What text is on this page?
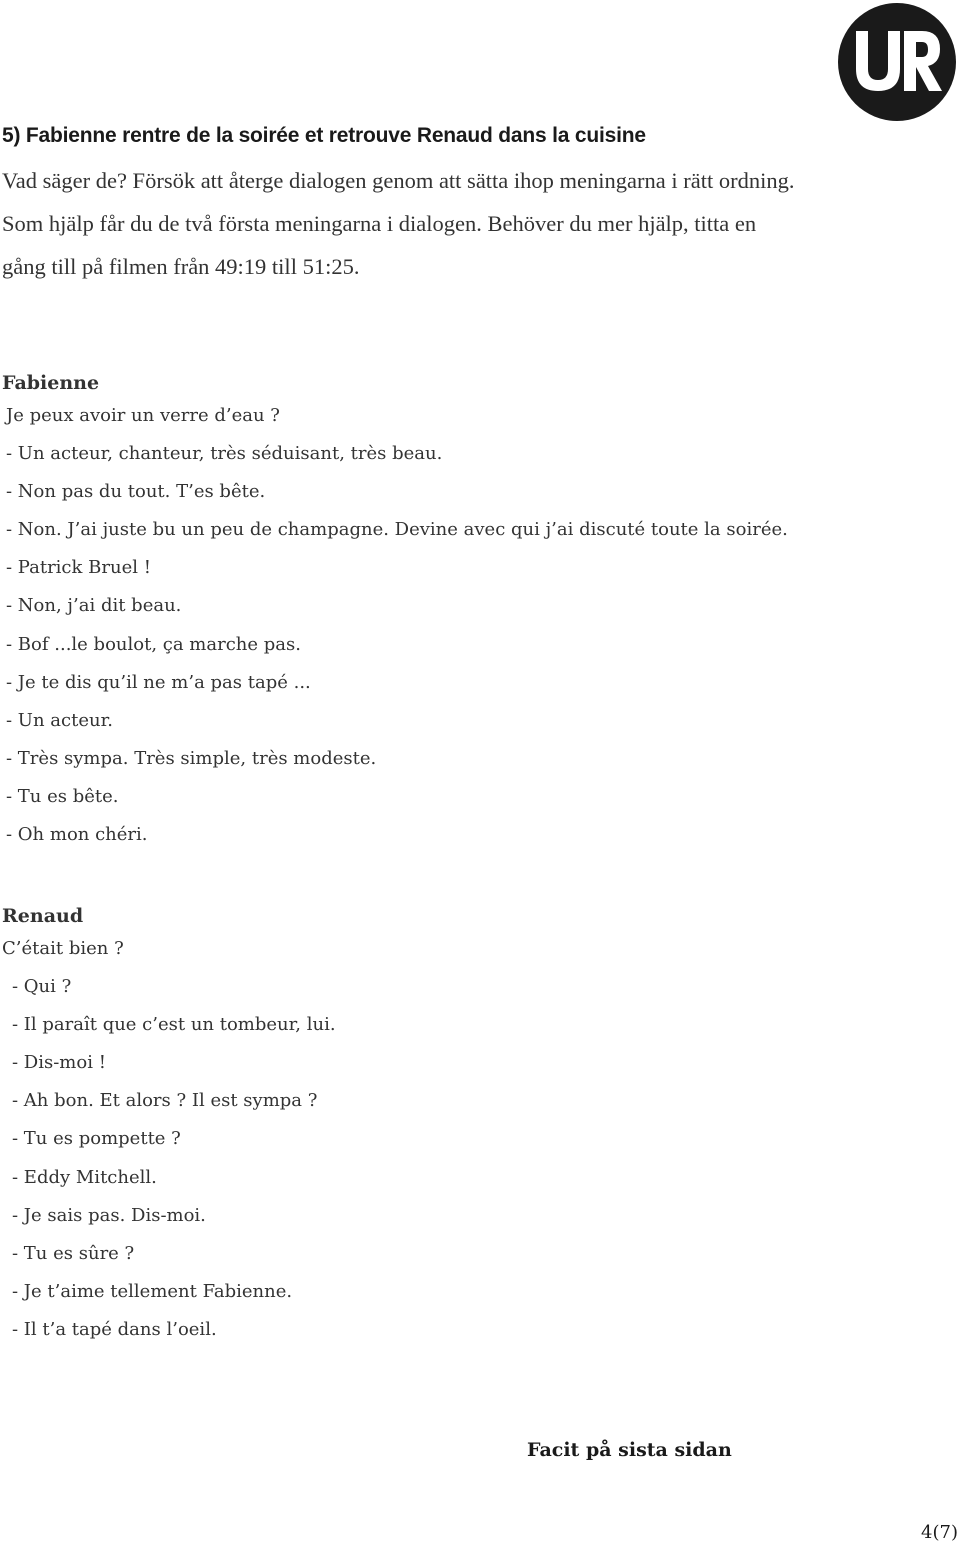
5) Fabienne rentre de la soirée et retrouve Renaud dans la cuisine

Vad säger de? Försök att återge dialogen genom att sätta ihop meningarna i rätt ordning.

Som hjälp får du de två första meningarna i dialogen. Behöver du mer hjälp, titta en gång till på filmen från 49:19 till 51:25.

Fabienne

Je peux avoir un verre d’eau ?
- Un acteur, chanteur, très séduisant, très beau.
- Non pas du tout. T’es bête.
- Non. J’ai juste bu un peu de champagne. Devine avec qui j’ai discuté toute la soirée.
- Patrick Bruel !
- Non, j’ai dit beau.
- Bof ...le boulot, ça marche pas.
- Je te dis qu’il ne m’a pas tapé ...
- Un acteur.
- Très sympa. Très simple, très modeste.
- Tu es bête.
- Oh mon chéri.

Renaud

C’était bien ?
- Qui ?
- Il paraît que c’est un tombeur, lui.
- Dis-moi !
- Ah bon. Et alors ? Il est sympa ?
- Tu es pompette ?
- Eddy Mitchell.
- Je sais pas. Dis-moi.
- Tu es sûre ?
- Je t’aime tellement Fabienne.
- Il t’a tapé dans l’oeil.
Facit på sista sidan
4(7)
